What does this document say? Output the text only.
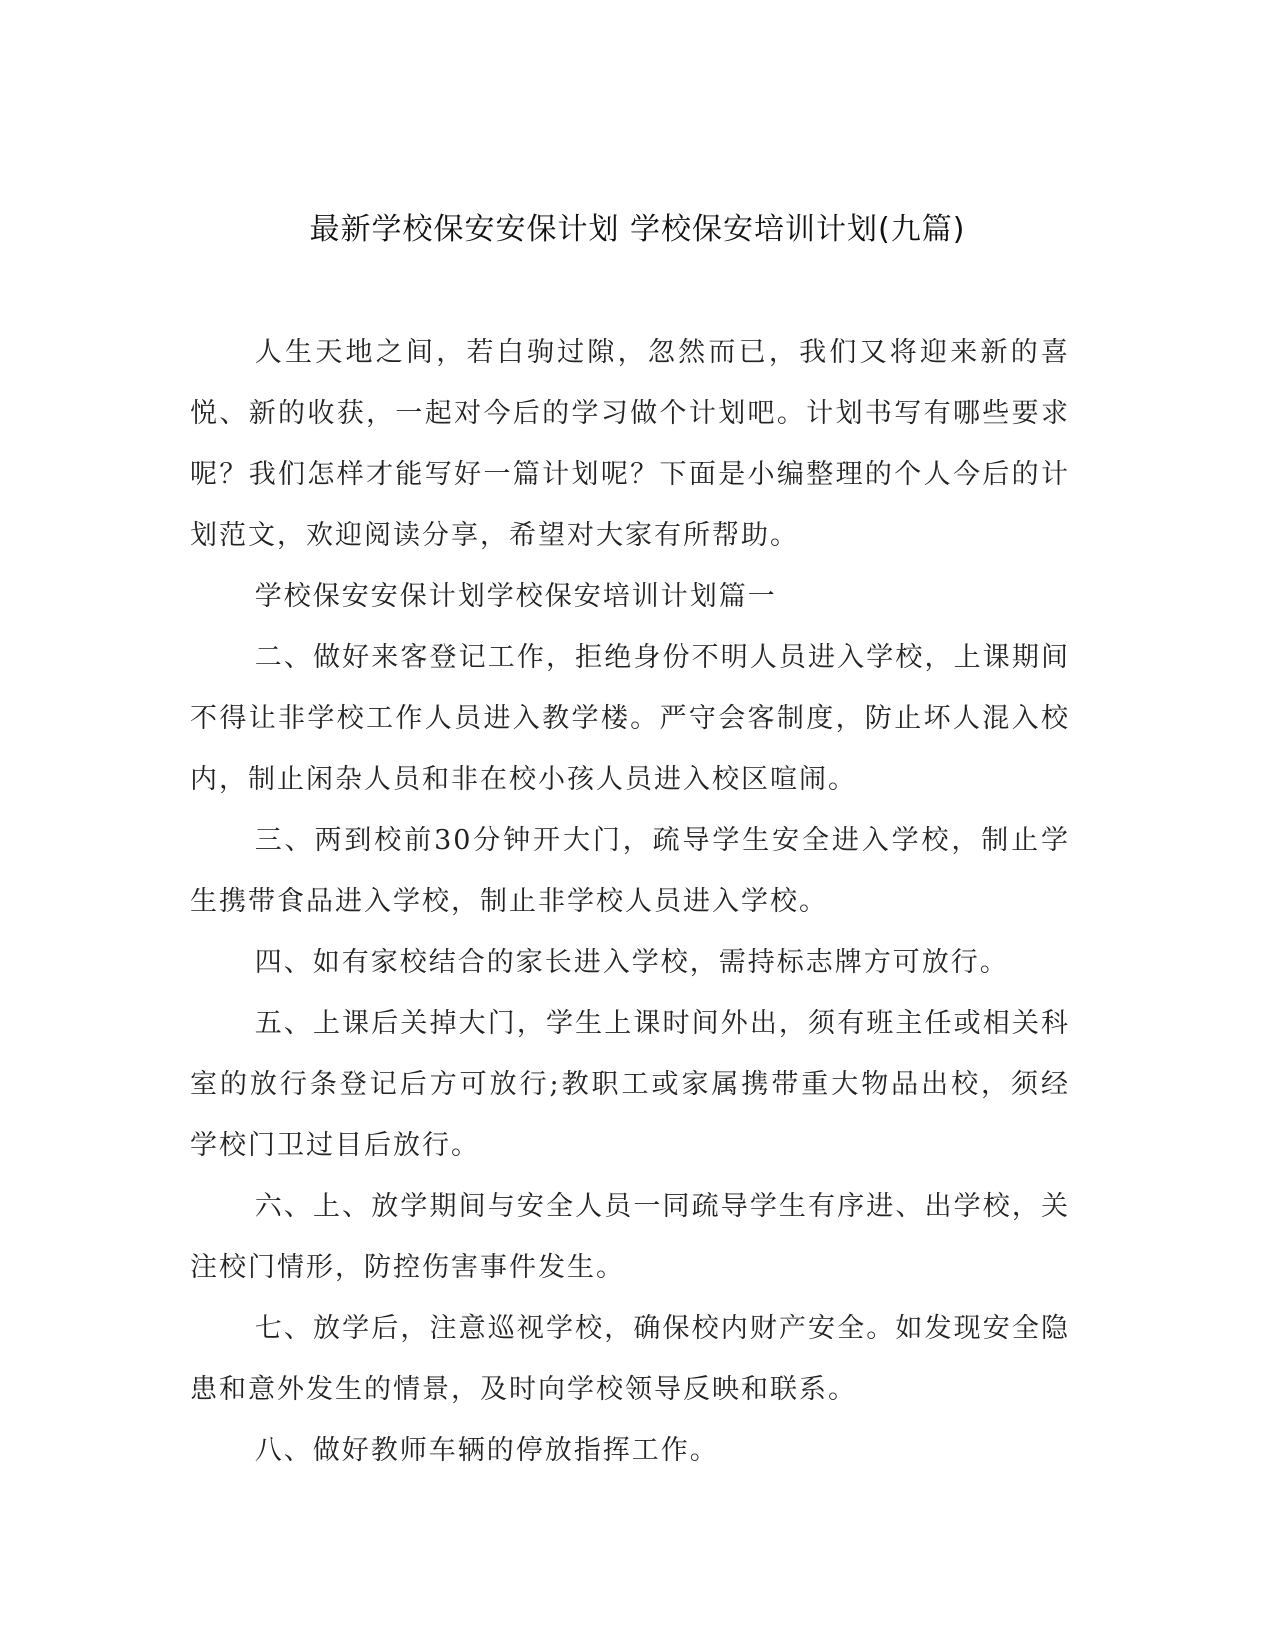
最新学校保安安保计划 学校保安培训计划(九篇)

人生天地之间，若白驹过隙，忽然而已，我们又将迎来新的喜悦、新的收获，一起对今后的学习做个计划吧。计划书写有哪些要求呢？我们怎样才能写好一篇计划呢？下面是小编整理的个人今后的计划范文，欢迎阅读分享，希望对大家有所帮助。

学校保安安保计划学校保安培训计划篇一

二、做好来客登记工作，拒绝身份不明人员进入学校，上课期间不得让非学校工作人员进入教学楼。严守会客制度，防止坏人混入校内，制止闲杂人员和非在校小孩人员进入校区喧闹。

三、两到校前30分钟开大门，疏导学生安全进入学校，制止学生携带食品进入学校，制止非学校人员进入学校。

四、如有家校结合的家长进入学校，需持标志牌方可放行。

五、上课后关掉大门，学生上课时间外出，须有班主任或相关科室的放行条登记后方可放行;教职工或家属携带重大物品出校，须经学校门卫过目后放行。

六、上、放学期间与安全人员一同疏导学生有序进、出学校，关注校门情形，防控伤害事件发生。

七、放学后，注意巡视学校，确保校内财产安全。如发现安全隐患和意外发生的情景，及时向学校领导反映和联系。

八、做好教师车辆的停放指挥工作。
